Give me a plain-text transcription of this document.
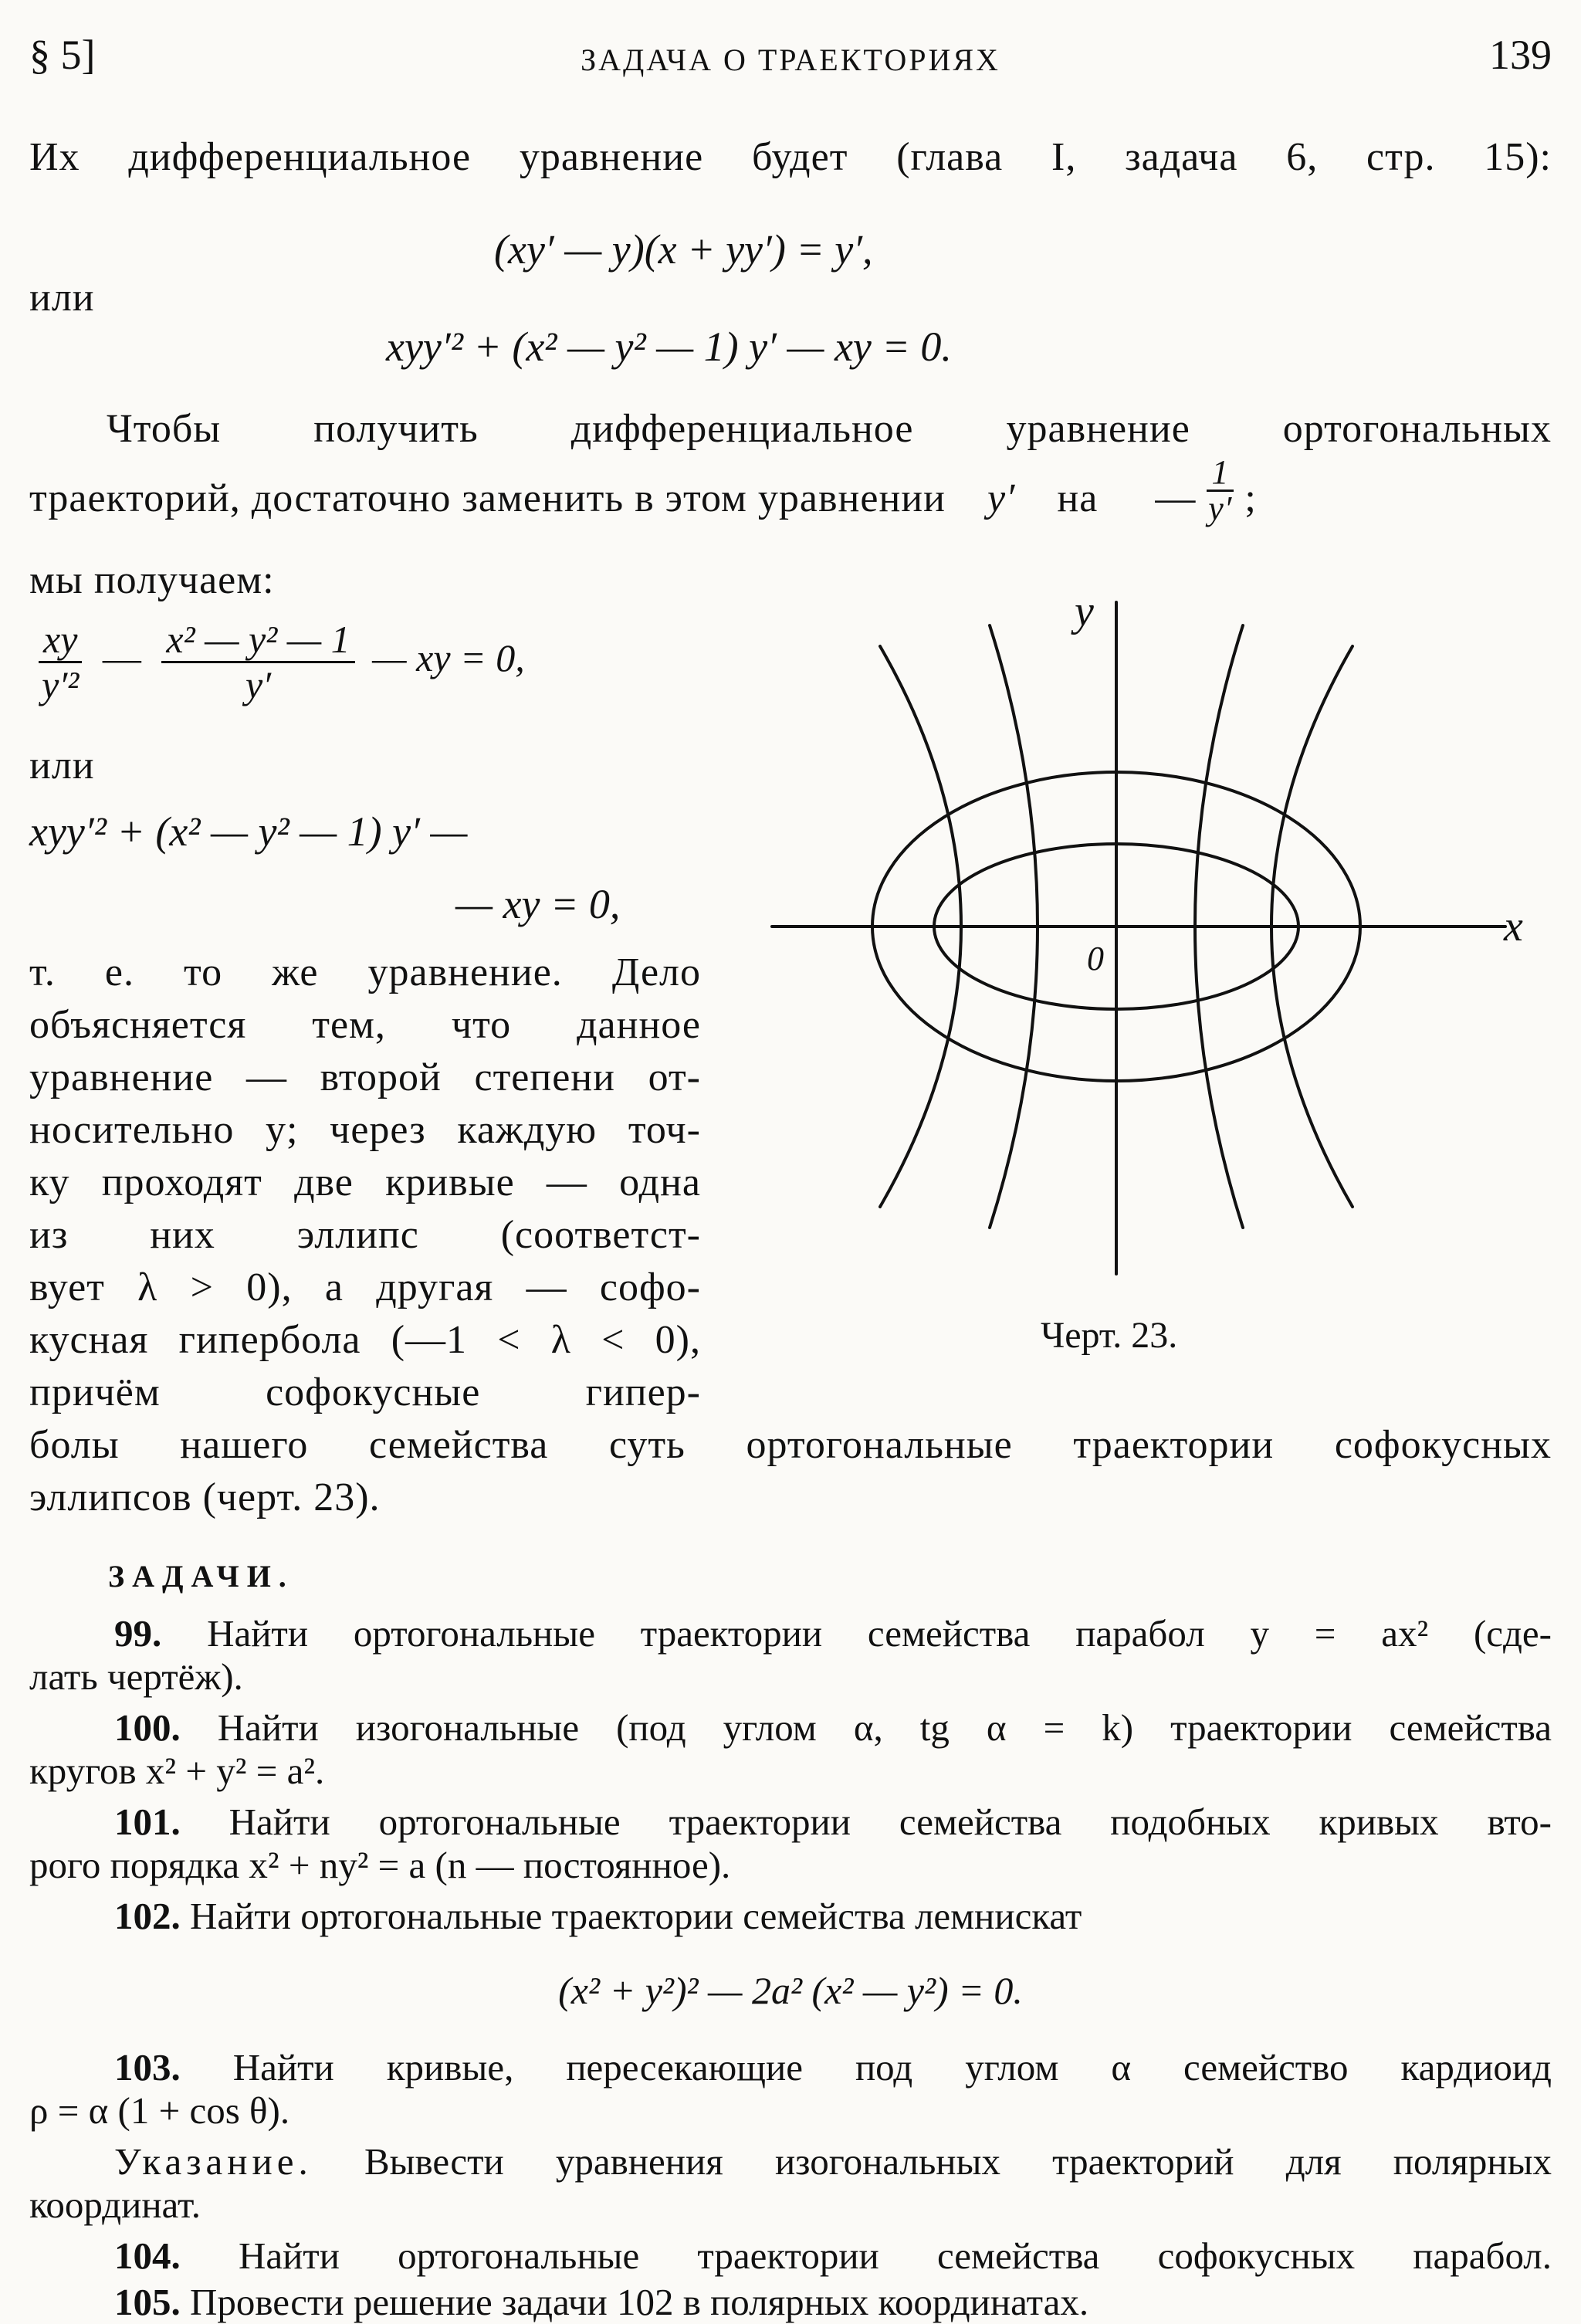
§ 5]	ЗАДАЧА О ТРАЕКТОРИЯХ	139
Их дифференциальное уравнение будет (глава I, задача 6, стр. 15):
(xy′ — y)(x + yy′) = y′,
или
xyy′² + (x² — y² — 1) y′ — xy = 0.
Чтобы получить дифференциальное уравнение ортогональных
траекторий, достаточно заменить в этом уравнении y′ на — $\frac{1}{y'}$ ;
мы получаем:
$\frac{xy}{\text{y′²}}$ — $\frac{\text{x² — y² — 1}}{y'}$ — xy = 0,
или
xyy′² + (x² — y² — 1) y′ —
— xy = 0,
т. е. то же уравнение. Дело
объясняется тем, что данное
уравнение — второй степени от-
носительно y; через каждую точ-
ку проходят две кривые — одна
из них эллипс (соответст-
вует λ > 0), а другая — софо-
кусная гипербола (—1 < λ < 0),
причём софокусные гипер-
болы нашего семейства суть ортогональные траектории софокусных
эллипсов (черт. 23).
y
x
0
Черт. 23.
ЗАДАЧИ.
99. Найти ортогональные траектории семейства парабол y = ax² (сде-
лать чертёж).
100. Найти изогональные (под углом α, tg α = k) траектории семейства
кругов x² + y² = a².
101. Найти ортогональные траектории семейства подобных кривых вто-
рого порядка x² + ny² = a (n — постоянное).
102. Найти ортогональные траектории семейства лемнискат
(x² + y²)² — 2a² (x² — y²) = 0.
103. Найти кривые, пересекающие под углом α семейство кардиоид
ρ = α (1 + cos θ).
Указание. Вывести уравнения изогональных траекторий для полярных
координат.
104. Найти ортогональные траектории семейства софокусных парабол.
105. Провести решение задачи 102 в полярных координатах.
